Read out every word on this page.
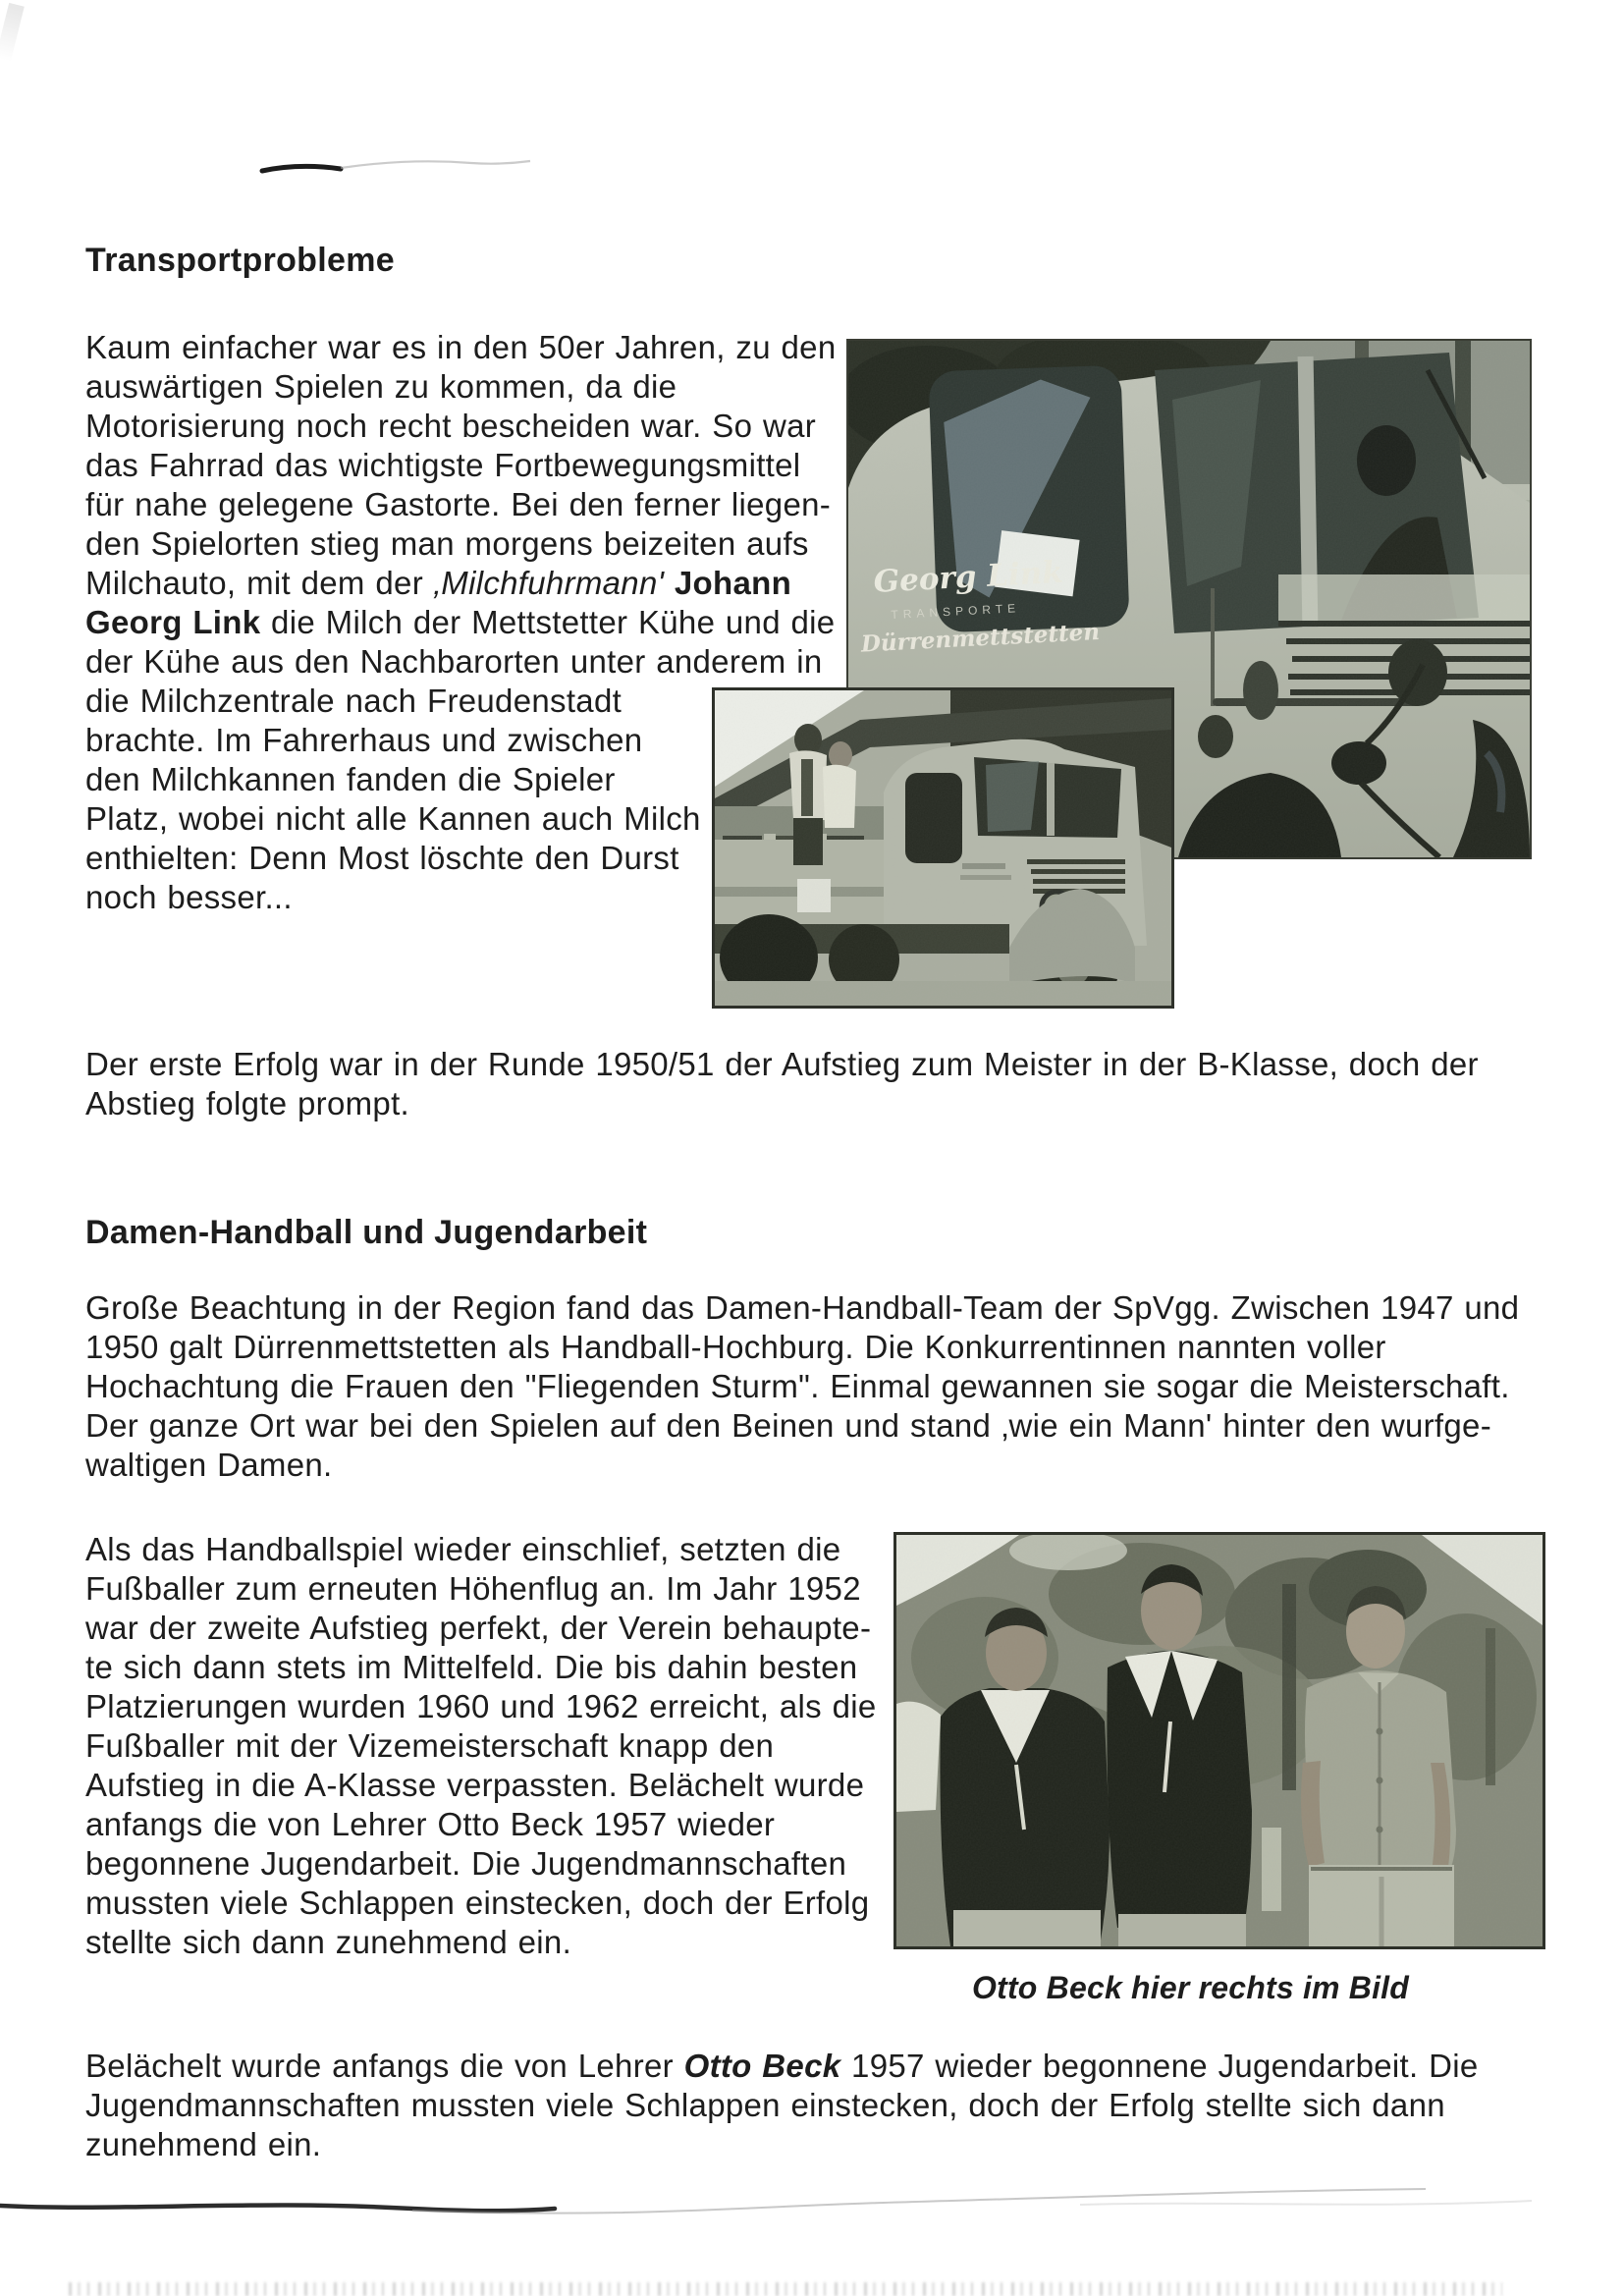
Transportprobleme
Damen-Handball und Jugendarbeit
Kaum einfacher war es in den 50er Jahren, zu den
auswärtigen Spielen zu kommen, da die
Motorisierung noch recht bescheiden war. So war
das Fahrrad das wichtigste Fortbewegungsmittel
für nahe gelegene Gastorte. Bei den ferner liegen-
den Spielorten stieg man morgens beizeiten aufs
Milchauto, mit dem der ‚Milchfuhrmann' Johann
Georg Link die Milch der Mettstetter Kühe und die
der Kühe aus den Nachbarorten unter anderem in
die Milchzentrale nach Freudenstadt
brachte. Im Fahrerhaus und zwischen
den Milchkannen fanden die Spieler
Platz, wobei nicht alle Kannen auch Milch
enthielten: Denn Most löschte den Durst
noch besser...
Der erste Erfolg war in der Runde 1950/51 der Aufstieg zum Meister in der B-Klasse, doch der
Abstieg folgte prompt.
Große Beachtung in der Region fand das Damen-Handball-Team der SpVgg. Zwischen 1947 und
1950 galt Dürrenmettstetten als Handball-Hochburg. Die Konkurrentinnen nannten voller
Hochachtung die Frauen den "Fliegenden Sturm". Einmal gewannen sie sogar die Meisterschaft.
Der ganze Ort war bei den Spielen auf den Beinen und stand ‚wie ein Mann' hinter den wurfge-
waltigen Damen.
Als das Handballspiel wieder einschlief, setzten die
Fußballer zum erneuten Höhenflug an. Im Jahr 1952
war der zweite Aufstieg perfekt, der Verein behaupte-
te sich dann stets im Mittelfeld. Die bis dahin besten
Platzierungen wurden 1960 und 1962 erreicht, als die
Fußballer mit der Vizemeisterschaft knapp den
Aufstieg in die A-Klasse verpassten. Belächelt wurde
anfangs die von Lehrer Otto Beck 1957 wieder
begonnene Jugendarbeit. Die Jugendmannschaften
mussten viele Schlappen einstecken, doch der Erfolg
stellte sich dann zunehmend ein.
Belächelt wurde anfangs die von Lehrer Otto Beck 1957 wieder begonnene Jugendarbeit. Die
Jugendmannschaften mussten viele Schlappen einstecken, doch der Erfolg stellte sich dann
zunehmend ein.
Georg Link
TRANSPORTE
Dürrenmettstetten
Otto Beck hier rechts im Bild
